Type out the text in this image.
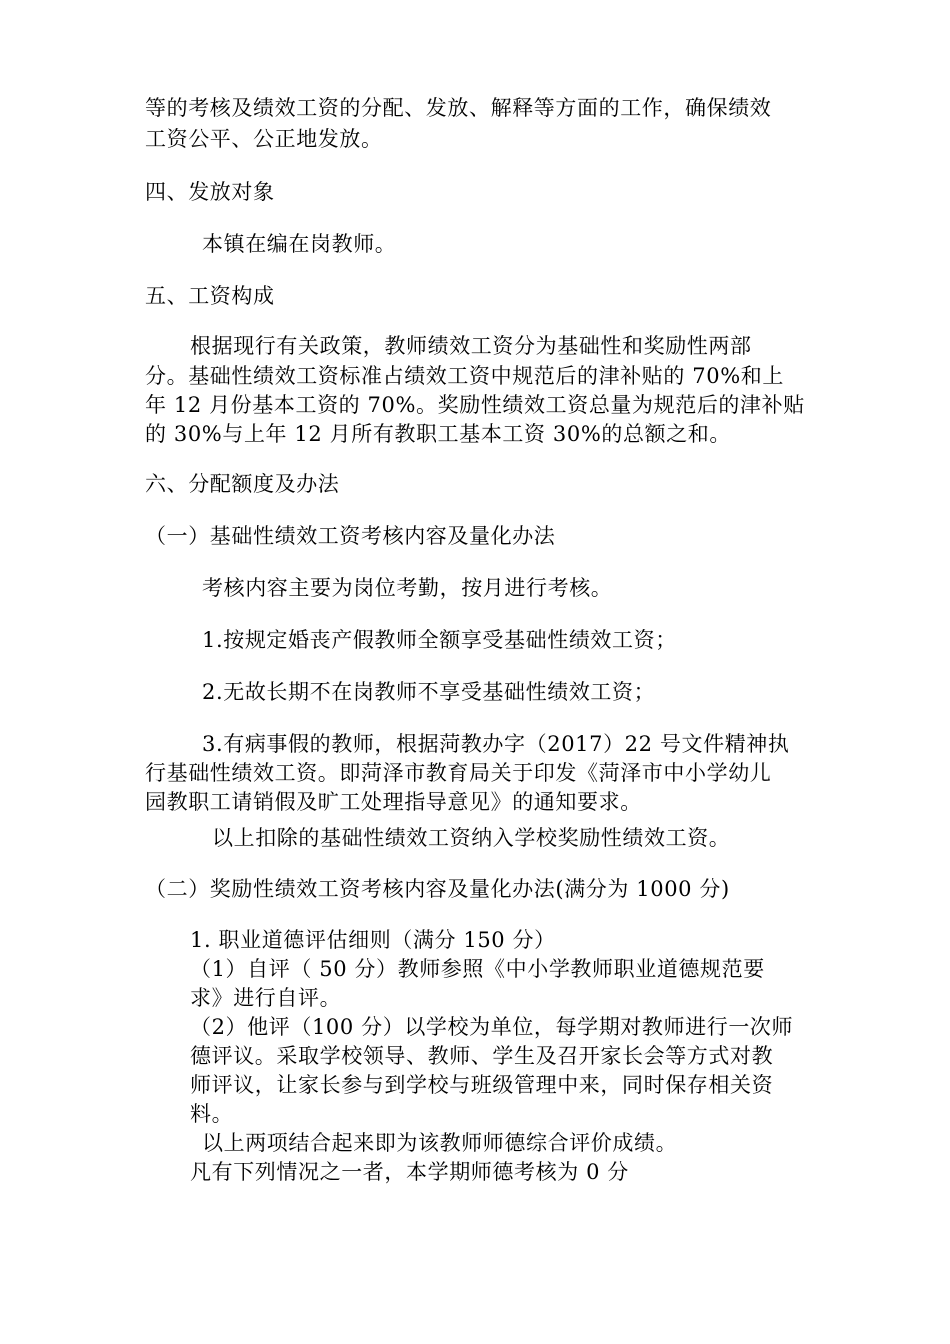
等的考核及绩效工资的分配、发放、解释等方面的工作，确保绩效

工资公平、公正地发放。

四、发放对象

本镇在编在岗教师。

五、工资构成

根据现行有关政策，教师绩效工资分为基础性和奖励性两部

分。基础性绩效工资标准占绩效工资中规范后的津补贴的 70%和上

年 12 月份基本工资的 70%。奖励性绩效工资总量为规范后的津补贴

的 30%与上年 12 月所有教职工基本工资 30%的总额之和。

六、分配额度及办法

（一）基础性绩效工资考核内容及量化办法

考核内容主要为岗位考勤，按月进行考核。

1.按规定婚丧产假教师全额享受基础性绩效工资；

2.无故长期不在岗教师不享受基础性绩效工资；

3.有病事假的教师，根据菏教办字（2017）22 号文件精神执

行基础性绩效工资。即菏泽市教育局关于印发《菏泽市中小学幼儿

园教职工请销假及旷工处理指导意见》的通知要求。

以上扣除的基础性绩效工资纳入学校奖励性绩效工资。

（二）奖励性绩效工资考核内容及量化办法(满分为 1000 分)

1. 职业道德评估细则（满分 150 分）

（1）自评（ 50 分）教师参照《中小学教师职业道德规范要

求》进行自评。

（2）他评（100 分）以学校为单位，每学期对教师进行一次师

德评议。采取学校领导、教师、学生及召开家长会等方式对教

师评议，让家长参与到学校与班级管理中来，同时保存相关资

料。

以上两项结合起来即为该教师师德综合评价成绩。

凡有下列情况之一者，本学期师德考核为 0 分
